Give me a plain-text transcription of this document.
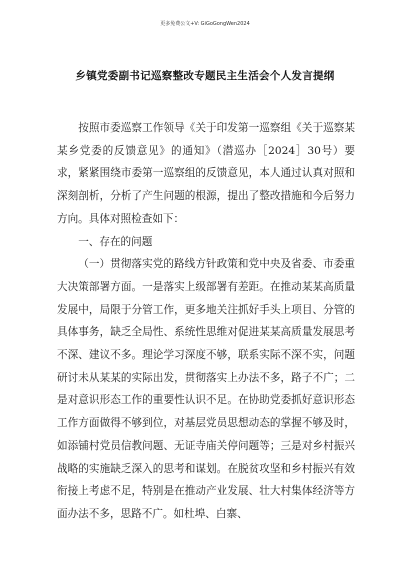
更多免费公文+V: GiGoGongWen2024
乡镇党委副书记巡察整改专题民主生活会个人发言提纲

按照市委巡察工作领导《关于印发第一巡察组《关于巡察某某乡党委的反馈意见》的通知》（潜巡办［2024］30号）要求，紧紧围绕市委第一巡察组的反馈意见，本人通过认真对照和深刻剖析，分析了产生问题的根源，提出了整改措施和今后努力方向。具体对照检查如下：

一、存在的问题

（一）贯彻落实党的路线方针政策和党中央及省委、市委重大决策部署方面。一是落实上级部署有差距。在推动某某高质量发展中，局限于分管工作，更多地关注抓好手头上项目、分管的具体事务，缺乏全局性、系统性思维对促进某某高质量发展思考不深、建议不多。理论学习深度不够，联系实际不深不实，问题研讨未从某某的实际出发，贯彻落实上办法不多，路子不广；二是对意识形态工作的重要性认识不足。在协助党委抓好意识形态工作方面做得不够到位，对基层党员思想动态的掌握不够及时，如添铺村党员信教问题、无证寺庙关停问题等；三是对乡村振兴战略的实施缺乏深入的思考和谋划。在脱贫攻坚和乡村振兴有效衔接上考虑不足，特别是在推动产业发展、壮大村集体经济等方面办法不多，思路不广。如杜埠、白寨、
